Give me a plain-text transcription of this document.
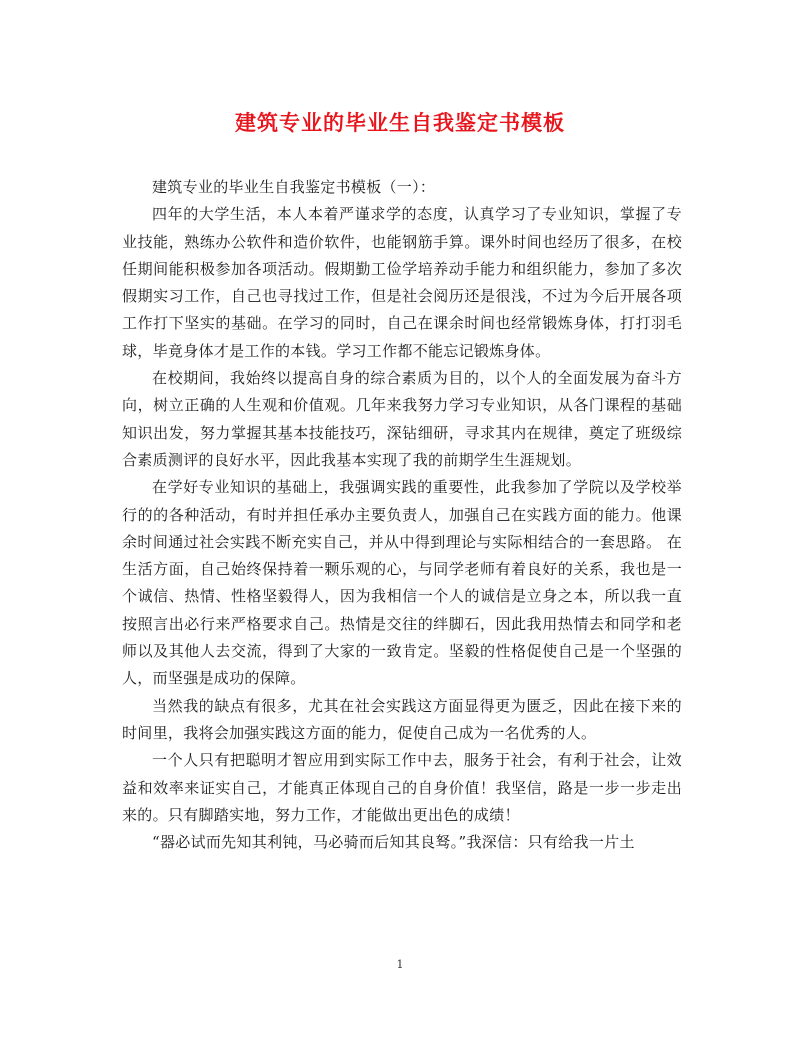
建筑专业的毕业生自我鉴定书模板

建筑专业的毕业生自我鉴定书模板（一）：

四年的大学生活，本人本着严谨求学的态度，认真学习了专业知识，掌握了专业技能，熟练办公软件和造价软件，也能钢筋手算。课外时间也经历了很多，在校任期间能积极参加各项活动。假期勤工俭学培养动手能力和组织能力，参加了多次假期实习工作，自己也寻找过工作，但是社会阅历还是很浅，不过为今后开展各项工作打下坚实的基础。在学习的同时，自己在课余时间也经常锻炼身体，打打羽毛球，毕竟身体才是工作的本钱。学习工作都不能忘记锻炼身体。

在校期间，我始终以提高自身的综合素质为目的，以个人的全面发展为奋斗方向，树立正确的人生观和价值观。几年来我努力学习专业知识，从各门课程的基础知识出发，努力掌握其基本技能技巧，深钻细研，寻求其内在规律，奠定了班级综合素质测评的良好水平，因此我基本实现了我的前期学生生涯规划。

在学好专业知识的基础上，我强调实践的重要性，此我参加了学院以及学校举行的的各种活动，有时并担任承办主要负责人，加强自己在实践方面的能力。他课余时间通过社会实践不断充实自己，并从中得到理论与实际相结合的一套思路。 在生活方面，自己始终保持着一颗乐观的心，与同学老师有着良好的关系，我也是一个诚信、热情、性格坚毅得人，因为我相信一个人的诚信是立身之本，所以我一直按照言出必行来严格要求自己。热情是交往的绊脚石，因此我用热情去和同学和老师以及其他人去交流，得到了大家的一致肯定。坚毅的性格促使自己是一个坚强的人，而坚强是成功的保障。

当然我的缺点有很多，尤其在社会实践这方面显得更为匮乏，因此在接下来的时间里，我将会加强实践这方面的能力，促使自己成为一名优秀的人。

一个人只有把聪明才智应用到实际工作中去，服务于社会，有利于社会，让效益和效率来证实自己，才能真正体现自己的自身价值！我坚信，路是一步一步走出来的。只有脚踏实地，努力工作，才能做出更出色的成绩！

“器必试而先知其利钝，马必骑而后知其良驽。”我深信：只有给我一片土

1
